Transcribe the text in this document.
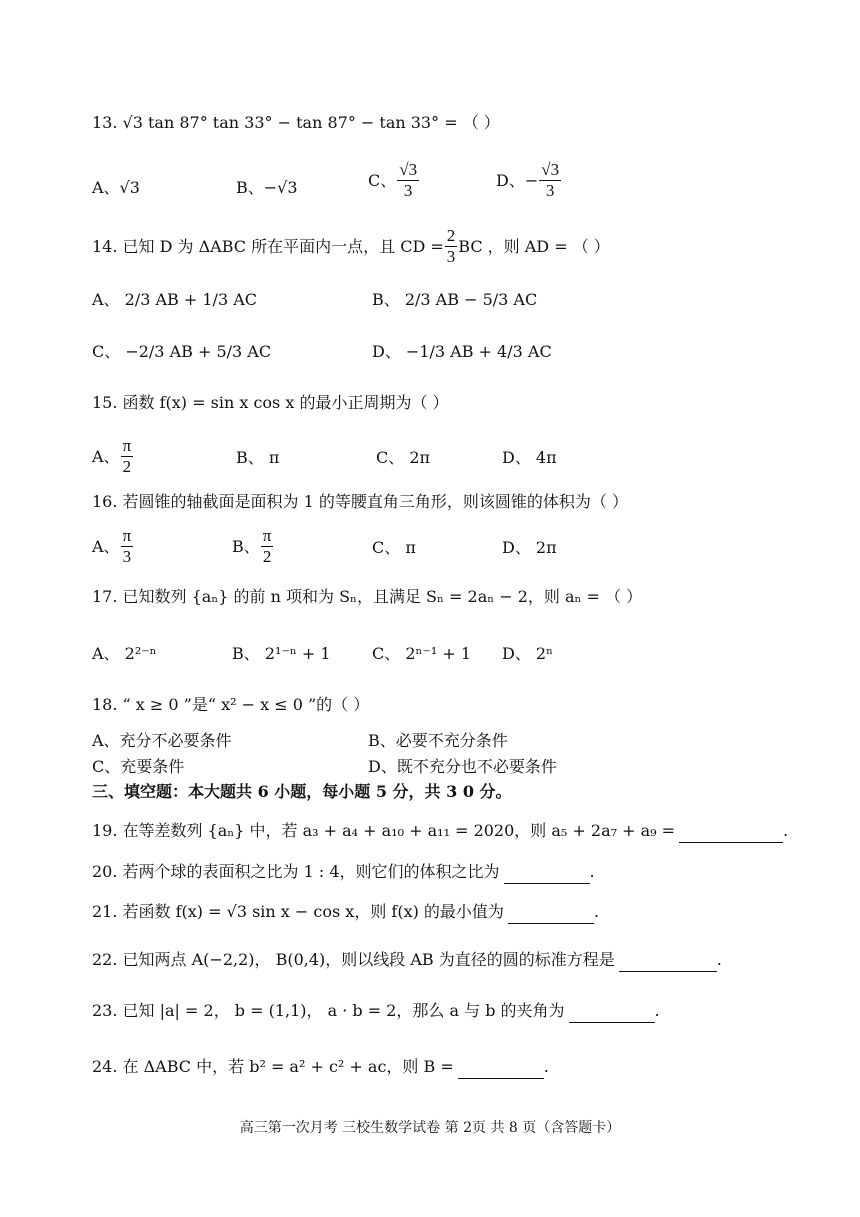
13. √3 tan 87° tan 33° − tan 87° − tan 33° = （ ）
A、√3	B、−√3	C、 $\frac{√3}{3}$	D、− $\frac{√3}{3}$
14. 已知 D 为 ΔABC 所在平面内一点，且 CD = $\frac{2}{3}$ BC ，则 AD = （ ）
A、 2/3 AB + 1/3 AC	B、 2/3 AB − 5/3 AC
C、 −2/3 AB + 5/3 AC	D、 −1/3 AB + 4/3 AC
15. 函数 f(x) = sin x cos x 的最小正周期为（ ）
A、 $\frac{\pi}{2}$	B、 π	C、 2π	D、 4π
16. 若圆锥的轴截面是面积为 1 的等腰直角三角形，则该圆锥的体积为（ ）
A、 $\frac{\pi}{3}$	B、 $\frac{\pi}{2}$	C、 π	D、 2π
17. 已知数列 {aₙ} 的前 n 项和为 Sₙ，且满足 Sₙ = 2aₙ − 2，则 aₙ = （ ）
A、 2²⁻ⁿ	B、 2¹⁻ⁿ + 1	C、 2ⁿ⁻¹ + 1 D、 2ⁿ
18. “ x ≥ 0 ”是“ x² − x ≤ 0 ”的（ ）
A、充分不必要条件	B、必要不充分条件
C、充要条件	D、既不充分也不必要条件
三、填空题：本大题共 6 小题，每小题 5 分，共 3 0 分。
19. 在等差数列 {aₙ} 中，若 a₃ + a₄ + a₁₀ + a₁₁ = 2020，则 a₅ + 2a₇ + a₉ =	.
20. 若两个球的表面积之比为 1 : 4，则它们的体积之比为	.
21. 若函数 f(x) = √3 sin x − cos x，则 f(x) 的最小值为	.
22. 已知两点 A(−2,2)， B(0,4)，则以线段 AB 为直径的圆的标准方程是	.
23. 已知 |a| = 2， b = (1,1)， a · b = 2，那么 a 与 b 的夹角为	.
24. 在 ΔABC 中，若 b² = a² + c² + ac，则 B =	.
高三第一次月考 三校生数学试卷 第 2页 共 8 页（含答题卡）
